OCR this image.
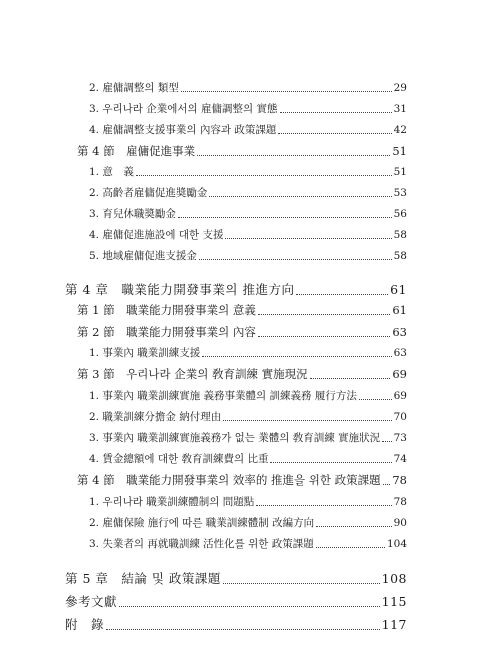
2. 雇傭調整의 類型	29
3. 우리나라 企業에서의 雇傭調整의 實態	31
4. 雇傭調整支援事業의 內容과 政策課題	42
第 4 節　雇傭促進事業	51
1. 意　義	51
2. 高齡者雇傭促進奬勵金	53
3. 育兒休職奬勵金	56
4. 雇傭促進施設에 대한 支援	58
5. 地域雇傭促進支援金	58
第 4 章　職業能力開發事業의 推進方向	61
第 1 節　職業能力開發事業의 意義	61
第 2 節　職業能力開發事業의 內容	63
1. 事業內 職業訓練支援	63
第 3 節　우리나라 企業의 敎育訓練 實施現況	69
1. 事業內 職業訓練實施 義務事業體의 訓練義務 履行方法	69
2. 職業訓練分擔金 納付理由	70
3. 事業內 職業訓練實施義務가 없는 業體의 敎育訓練 實施狀況 73
4. 賃金總額에 대한 敎育訓練費의 比重	74
第 4 節　職業能力開發事業의 效率的 推進을 위한 政策課題 78
1. 우리나라 職業訓練體制의 問題點	78
2. 雇傭保險 施行에 따른 職業訓練體制 改編方向	90
3. 失業者의 再就職訓練 活性化를 위한 政策課題	104
第 5 章　結論 및 政策課題	108
參考文獻	115
附　錄	117
